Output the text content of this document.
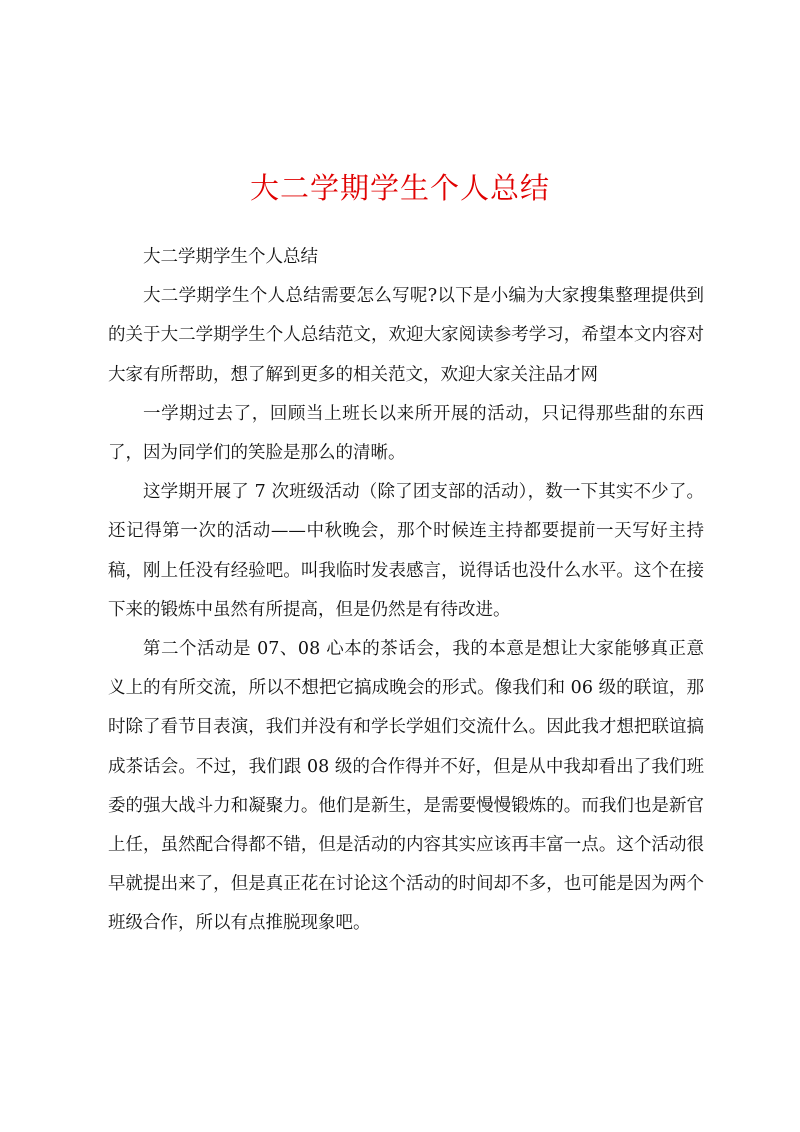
大二学期学生个人总结

大二学期学生个人总结

大二学期学生个人总结需要怎么写呢?以下是小编为大家搜集整理提供到的关于大二学期学生个人总结范文，欢迎大家阅读参考学习，希望本文内容对大家有所帮助，想了解到更多的相关范文，欢迎大家关注品才网

一学期过去了，回顾当上班长以来所开展的活动，只记得那些甜的东西了，因为同学们的笑脸是那么的清晰。

这学期开展了 7 次班级活动（除了团支部的活动），数一下其实不少了。还记得第一次的活动——中秋晚会，那个时候连主持都要提前一天写好主持稿，刚上任没有经验吧。叫我临时发表感言，说得话也没什么水平。这个在接下来的锻炼中虽然有所提高，但是仍然是有待改进。

第二个活动是 07、08 心本的茶话会，我的本意是想让大家能够真正意义上的有所交流，所以不想把它搞成晚会的形式。像我们和 06 级的联谊，那时除了看节目表演，我们并没有和学长学姐们交流什么。因此我才想把联谊搞成茶话会。不过，我们跟 08 级的合作得并不好，但是从中我却看出了我们班委的强大战斗力和凝聚力。他们是新生，是需要慢慢锻炼的。而我们也是新官上任，虽然配合得都不错，但是活动的内容其实应该再丰富一点。这个活动很早就提出来了，但是真正花在讨论这个活动的时间却不多，也可能是因为两个班级合作，所以有点推脱现象吧。
